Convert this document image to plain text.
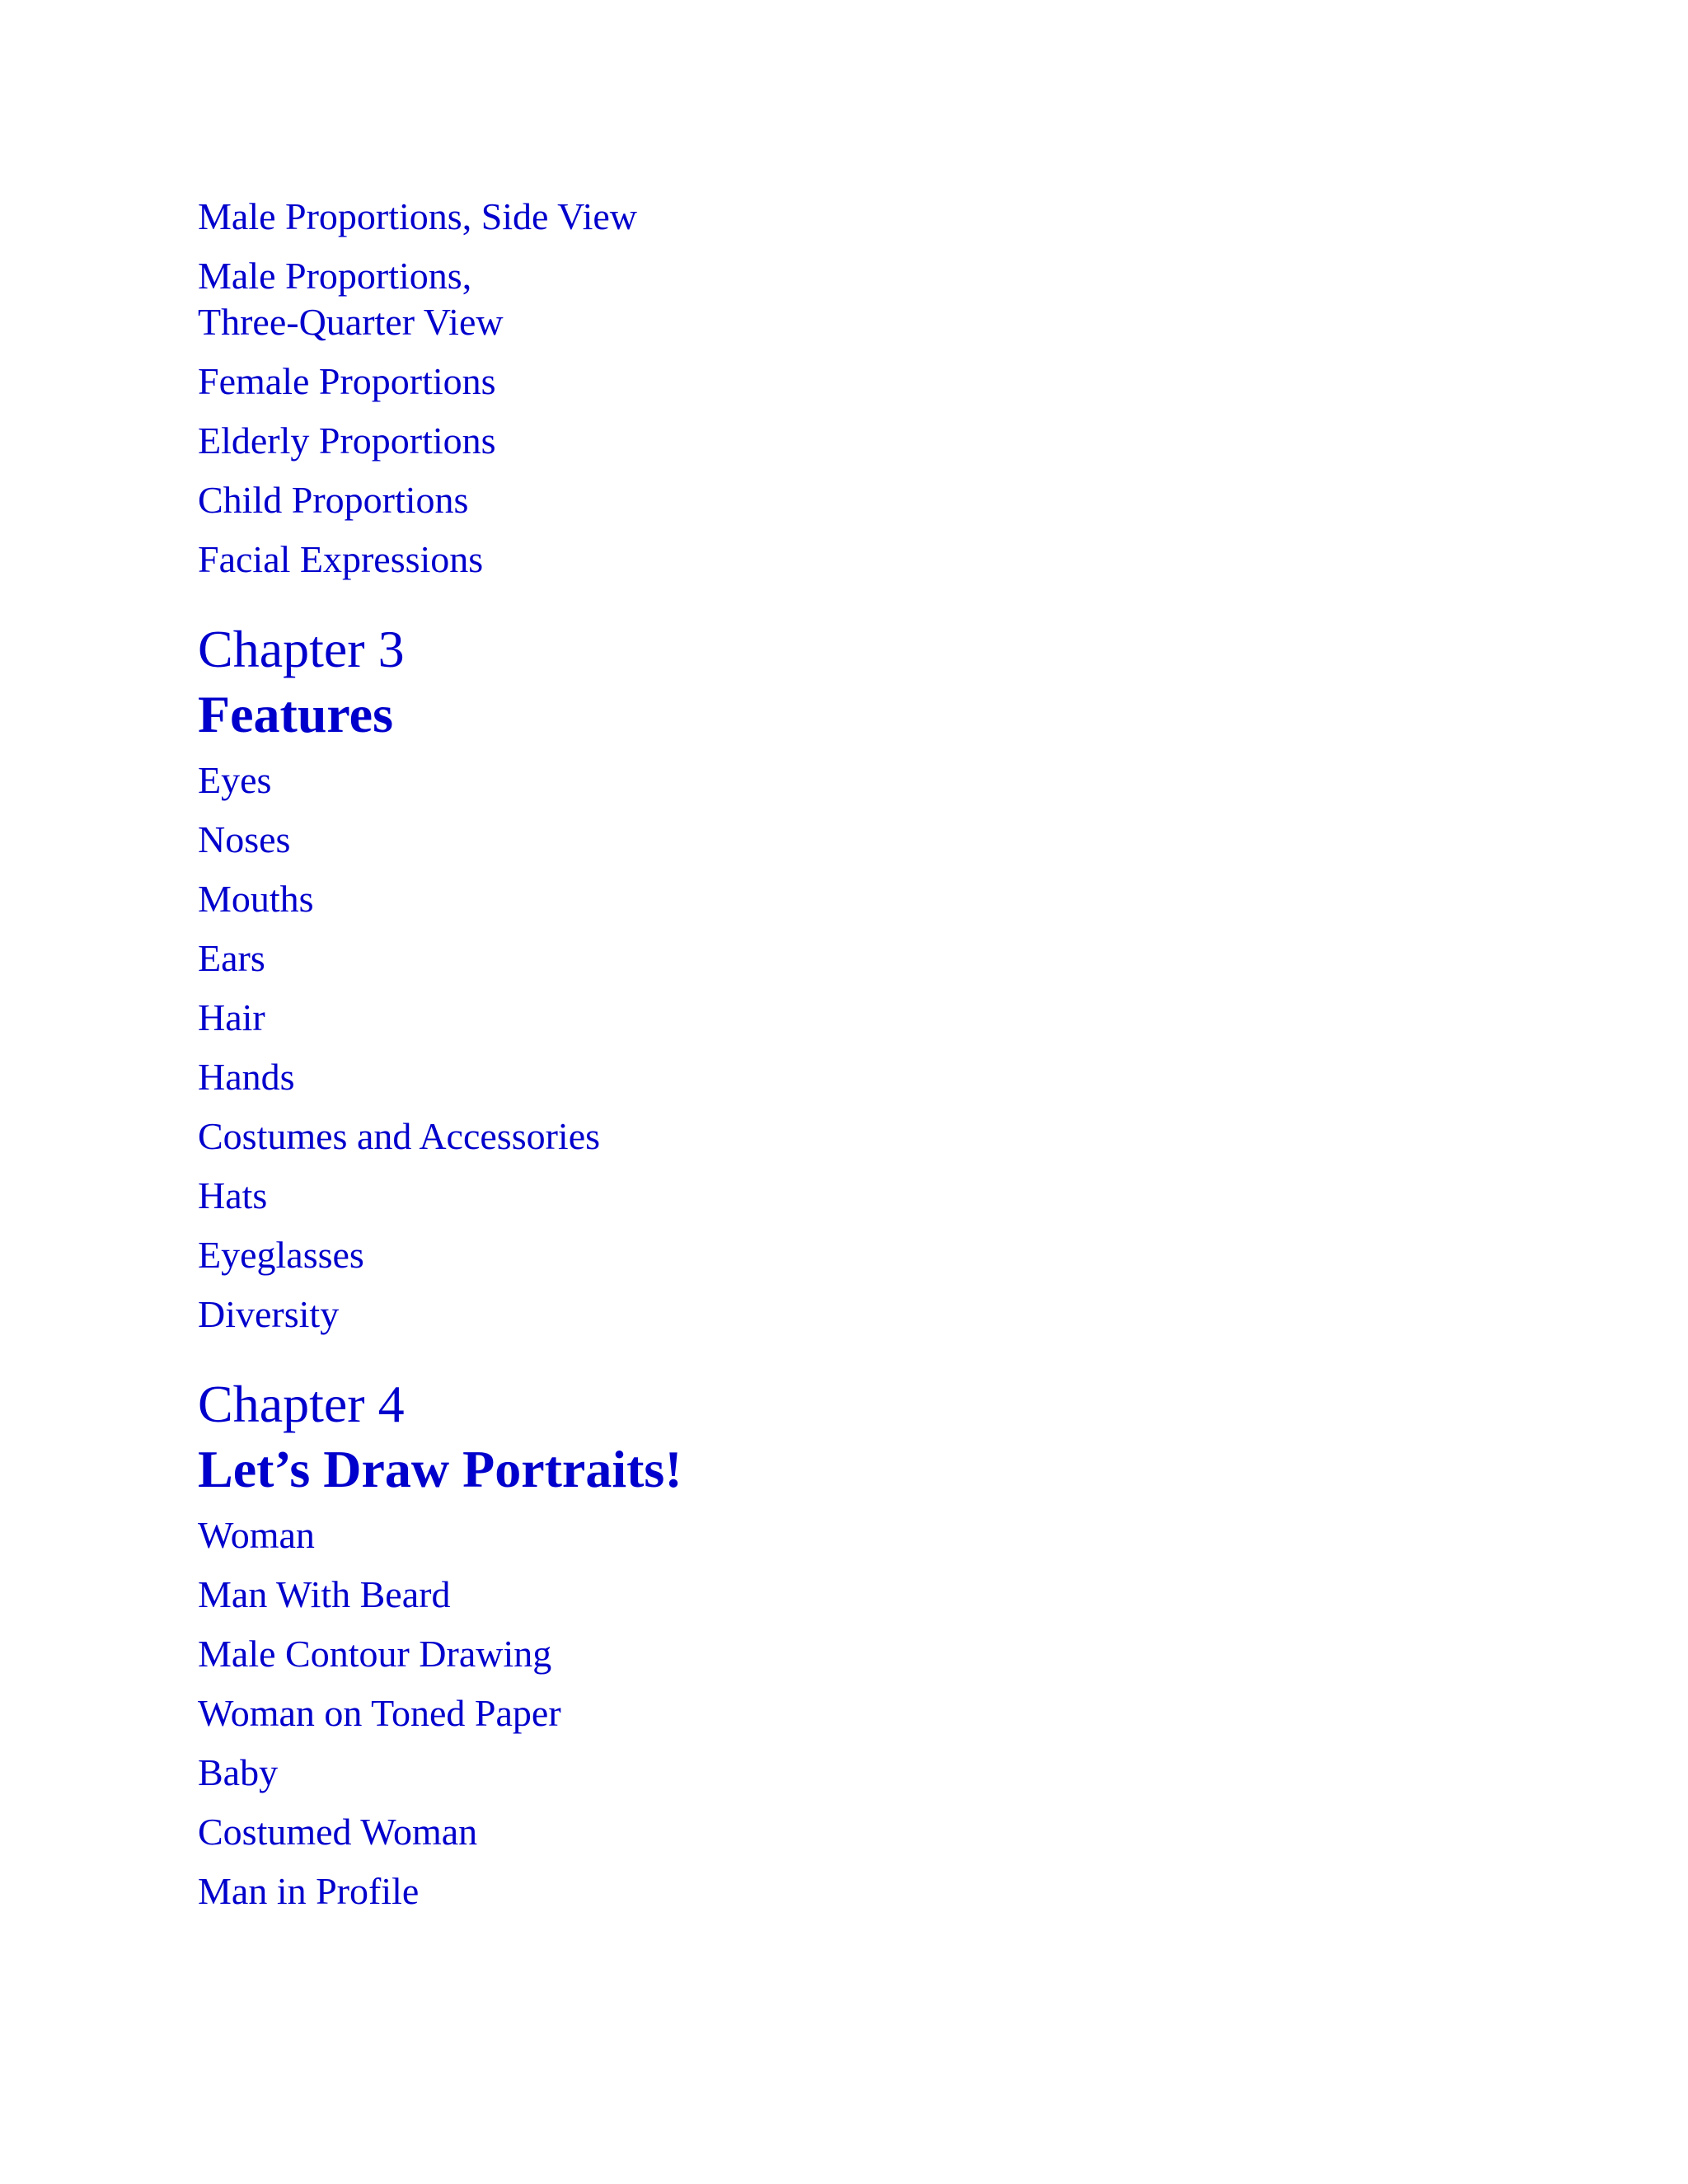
Male Proportions, Side View
Male Proportions,
Three-Quarter View
Female Proportions
Elderly Proportions
Child Proportions
Facial Expressions
Chapter 3
Features
Eyes
Noses
Mouths
Ears
Hair
Hands
Costumes and Accessories
Hats
Eyeglasses
Diversity
Chapter 4
Let’s Draw Portraits!
Woman
Man With Beard
Male Contour Drawing
Woman on Toned Paper
Baby
Costumed Woman
Man in Profile
